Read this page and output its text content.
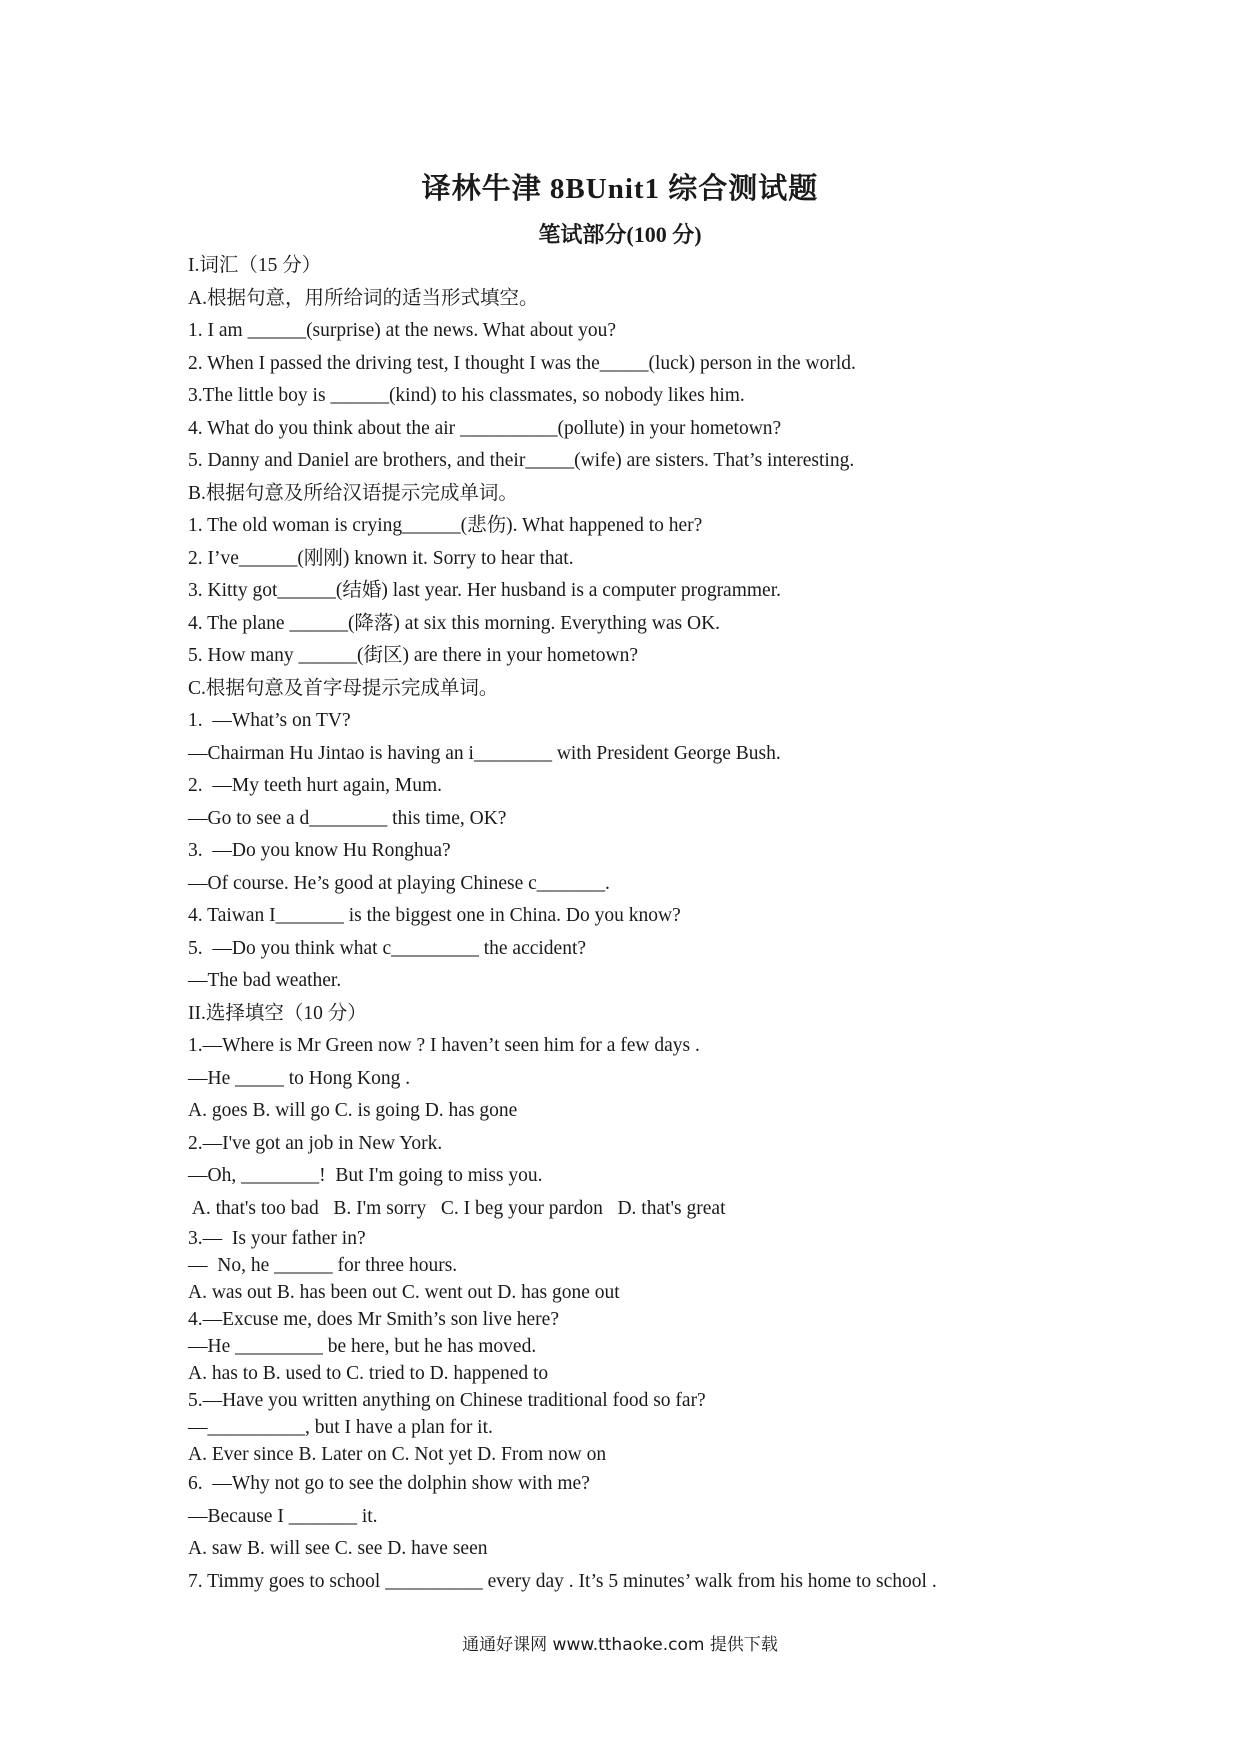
译林牛津 8BUnit1 综合测试题
笔试部分(100 分)
I.词汇（15 分）
A.根据句意，用所给词的适当形式填空。
1. I am ______(surprise) at the news. What about you?
2. When I passed the driving test, I thought I was the_____(luck) person in the world.
3.The little boy is ______(kind) to his classmates, so nobody likes him.
4. What do you think about the air __________(pollute) in your hometown?
5. Danny and Daniel are brothers, and their_____(wife) are sisters. That’s interesting.
B.根据句意及所给汉语提示完成单词。
1. The old woman is crying______(悲伤). What happened to her?
2. I’ve______(刚刚) known it. Sorry to hear that.
3. Kitty got______(结婚) last year. Her husband is a computer programmer.
4. The plane ______(降落) at six this morning. Everything was OK.
5. How many ______(街区) are there in your hometown?
C.根据句意及首字母提示完成单词。
1.  —What’s on TV?
—Chairman Hu Jintao is having an i________ with President George Bush.
2.  —My teeth hurt again, Mum.
—Go to see a d________ this time, OK?
3.  —Do you know Hu Ronghua?
—Of course. He’s good at playing Chinese c_______.
4. Taiwan I_______ is the biggest one in China. Do you know?
5.  —Do you think what c_________ the accident?
—The bad weather.
II.选择填空（10 分）
1.—Where is Mr Green now ? I haven’t seen him for a few days .
—He _____ to Hong Kong .
A. goes B. will go C. is going D. has gone
2.—I've got an job in New York.
—Oh, ________!  But I'm going to miss you.
A. that's too bad   B. I'm sorry   C. I beg your pardon   D. that's great
3.—  Is your father in?
—  No, he ______ for three hours.
A. was out B. has been out C. went out D. has gone out
4.—Excuse me, does Mr Smith’s son live here?
—He _________ be here, but he has moved.
A. has to B. used to C. tried to D. happened to
5.—Have you written anything on Chinese traditional food so far?
—__________, but I have a plan for it.
A. Ever since B. Later on C. Not yet D. From now on
6.  —Why not go to see the dolphin show with me?
—Because I _______ it.
A. saw B. will see C. see D. have seen
7. Timmy goes to school __________ every day . It’s 5 minutes’ walk from his home to school .
通通好课网 www.tthaoke.com 提供下载
